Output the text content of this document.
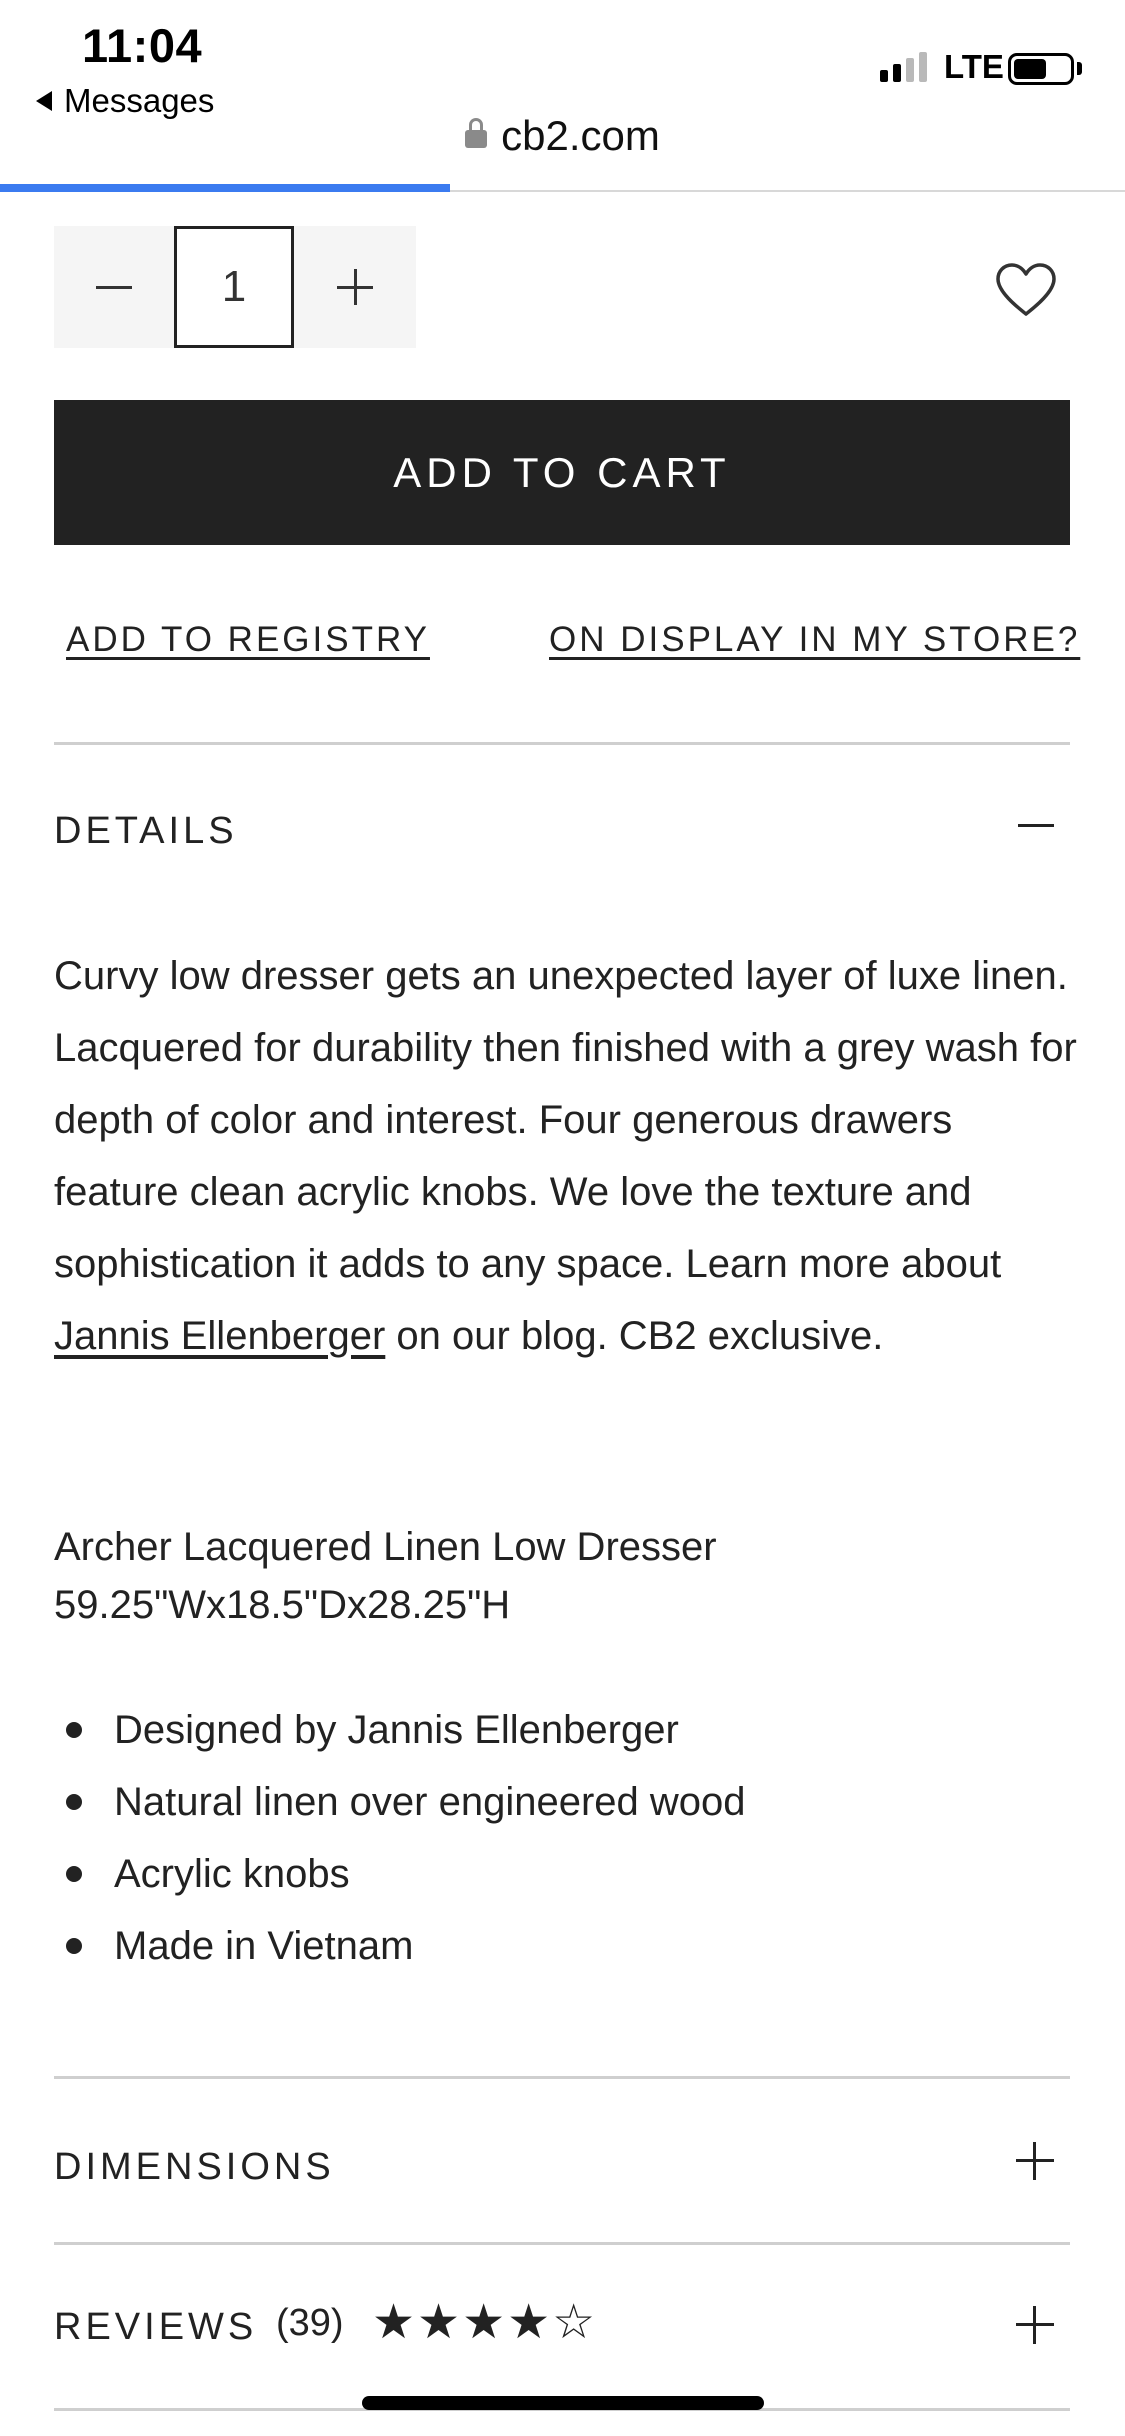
11:04
Messages
LTE
cb2.com
1
ADD TO CART
ADD TO REGISTRY	ON DISPLAY IN MY STORE?
DETAILS
Curvy low dresser gets an unexpected layer of luxe linen. Lacquered for durability then finished with a grey wash for depth of color and interest. Four generous drawers feature clean acrylic knobs. We love the texture and sophistication it adds to any space. Learn more about Jannis Ellenberger on our blog. CB2 exclusive.
Archer Lacquered Linen Low Dresser
59.25"Wx18.5"Dx28.25"H
Designed by Jannis Ellenberger
Natural linen over engineered wood
Acrylic knobs
Made in Vietnam
DIMENSIONS
REVIEWS (39) ★ ★ ★ ★ ☆
